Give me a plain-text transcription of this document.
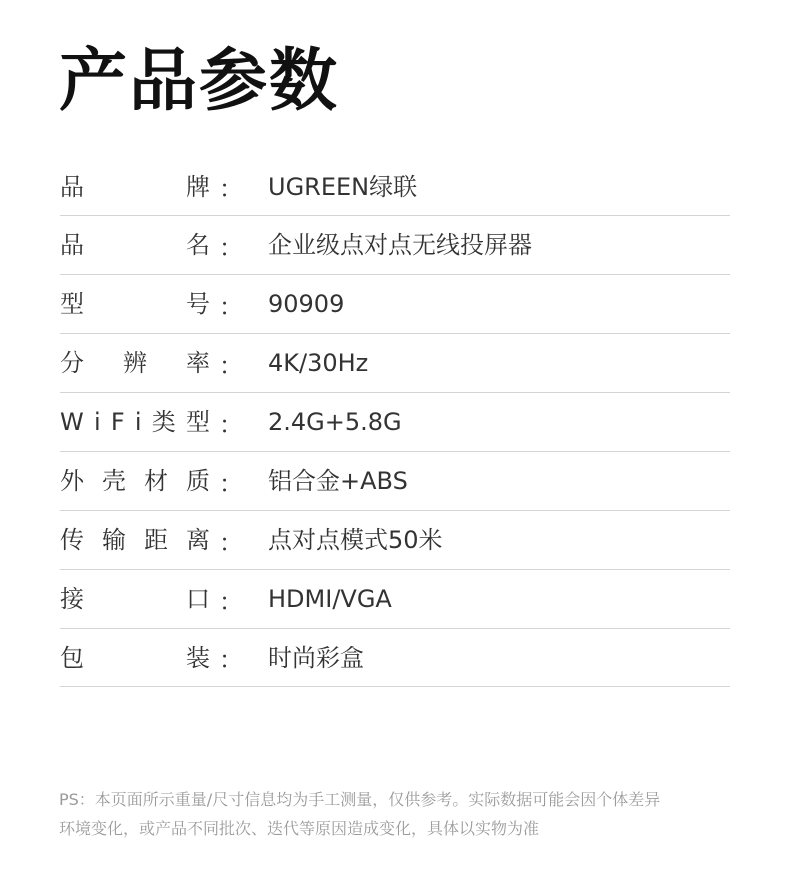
产品参数
品	牌 ：	UGREEN绿联
品	名 ：	企业级点对点无线投屏器
型	号 ：	90909
分 辨 率 ：	4K/30Hz
W i F i 类 型 ：	2.4G+5.8G
外 壳 材 质 ：	铝合金+ABS
传 输 距 离 ：	点对点模式50米
接	口 ：	HDMI/VGA
包	装 ：	时尚彩盒

PS：本页面所示重量/尺寸信息均为手工测量，仅供参考。实际数据可能会因个体差异
环境变化，或产品不同批次、迭代等原因造成变化，具体以实物为准
